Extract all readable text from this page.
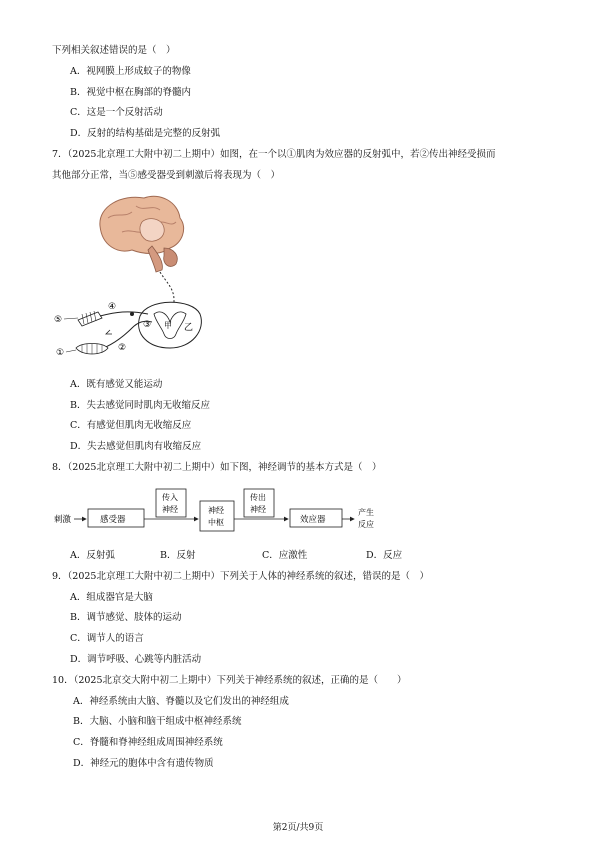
下列相关叙述错误的是（　）
A．视网膜上形成蚊子的物像
B．视觉中枢在胸部的脊髓内
C．这是一个反射活动
D．反射的结构基础是完整的反射弧
7．（2025北京理工大附中初二上期中）如图，在一个以①肌肉为效应器的反射弧中，若②传出神经受损而
其他部分正常，当⑤感受器受到刺激后将表现为（　）
甲 乙
③
⑤
④
②
①
A．既有感觉又能运动
B．失去感觉同时肌肉无收缩反应
C．有感觉但肌肉无收缩反应
D．失去感觉但肌肉有收缩反应
8．（2025北京理工大附中初二上期中）如下图，神经调节的基本方式是（　）
刺激	感受器
传入
神经	神经
中枢
传出
神经
效应器
产生
反应
A．反射弧	B．反射	C．应激性	D．反应
9．（2025北京理工大附中初二上期中）下列关于人体的神经系统的叙述，错误的是（　）
A．组成器官是大脑
B．调节感觉、肢体的运动
C．调节人的语言
D．调节呼吸、心跳等内脏活动
10．（2025北京交大附中初二上期中）下列关于神经系统的叙述，正确的是（　　）
A．神经系统由大脑、脊髓以及它们发出的神经组成
B．大脑、小脑和脑干组成中枢神经系统
C．脊髓和脊神经组成周围神经系统
D．神经元的胞体中含有遗传物质
第2页/共9页
